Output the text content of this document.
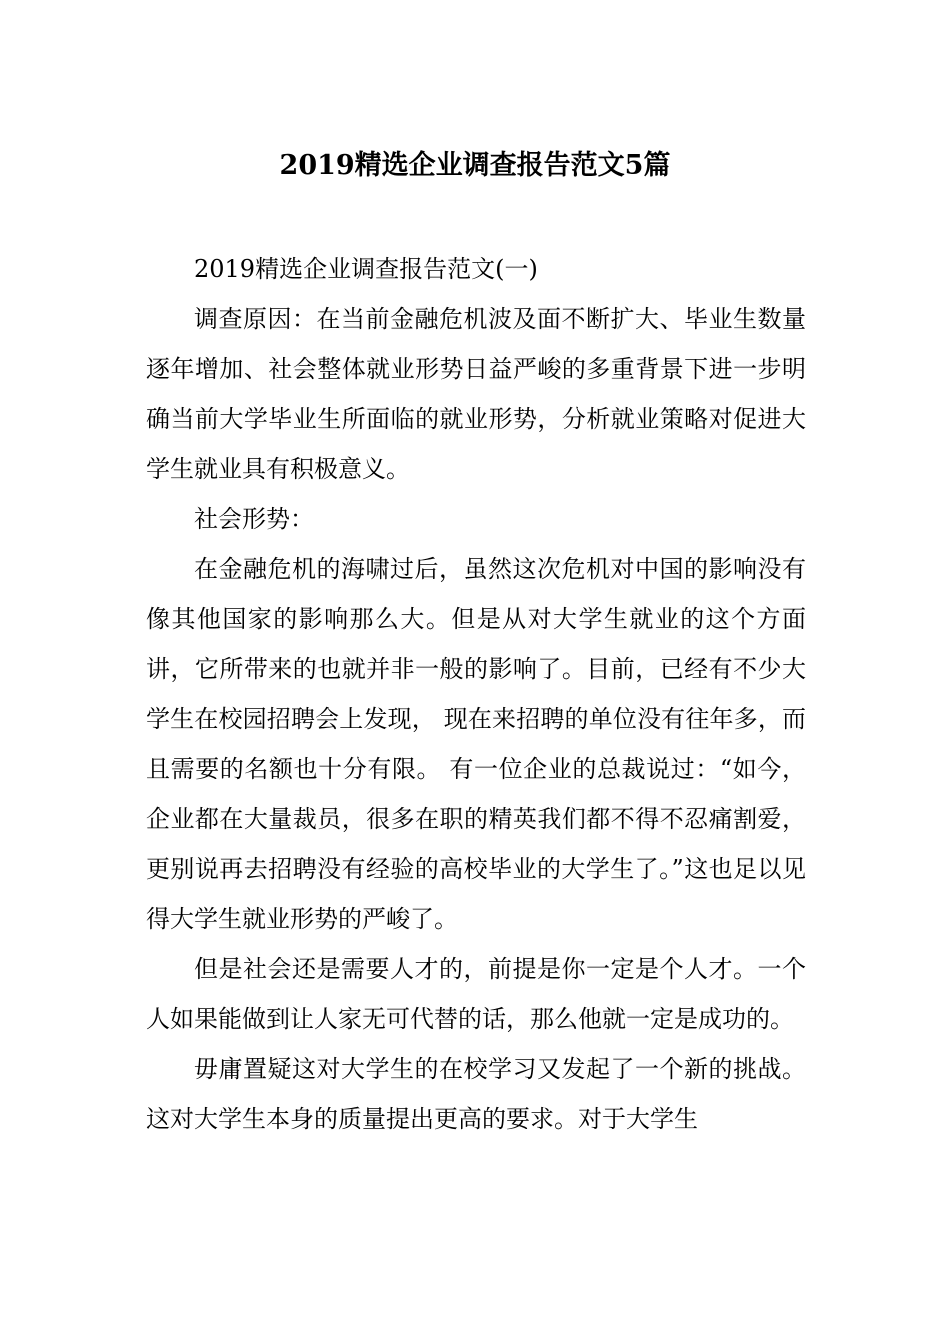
2019精选企业调查报告范文5篇

2019精选企业调查报告范文(一)

调查原因：在当前金融危机波及面不断扩大、毕业生数量逐年增加、社会整体就业形势日益严峻的多重背景下进一步明确当前大学毕业生所面临的就业形势，分析就业策略对促进大学生就业具有积极意义。

社会形势：

在金融危机的海啸过后，虽然这次危机对中国的影响没有像其他国家的影响那么大。但是从对大学生就业的这个方面讲，它所带来的也就并非一般的影响了。目前，已经有不少大学生在校园招聘会上发现， 现在来招聘的单位没有往年多，而且需要的名额也十分有限。 有一位企业的总裁说过：“如今，企业都在大量裁员，很多在职的精英我们都不得不忍痛割爱，更别说再去招聘没有经验的高校毕业的大学生了。”这也足以见得大学生就业形势的严峻了。

但是社会还是需要人才的，前提是你一定是个人才。一个人如果能做到让人家无可代替的话，那么他就一定是成功的。

毋庸置疑这对大学生的在校学习又发起了一个新的挑战。这对大学生本身的质量提出更高的要求。对于大学生
